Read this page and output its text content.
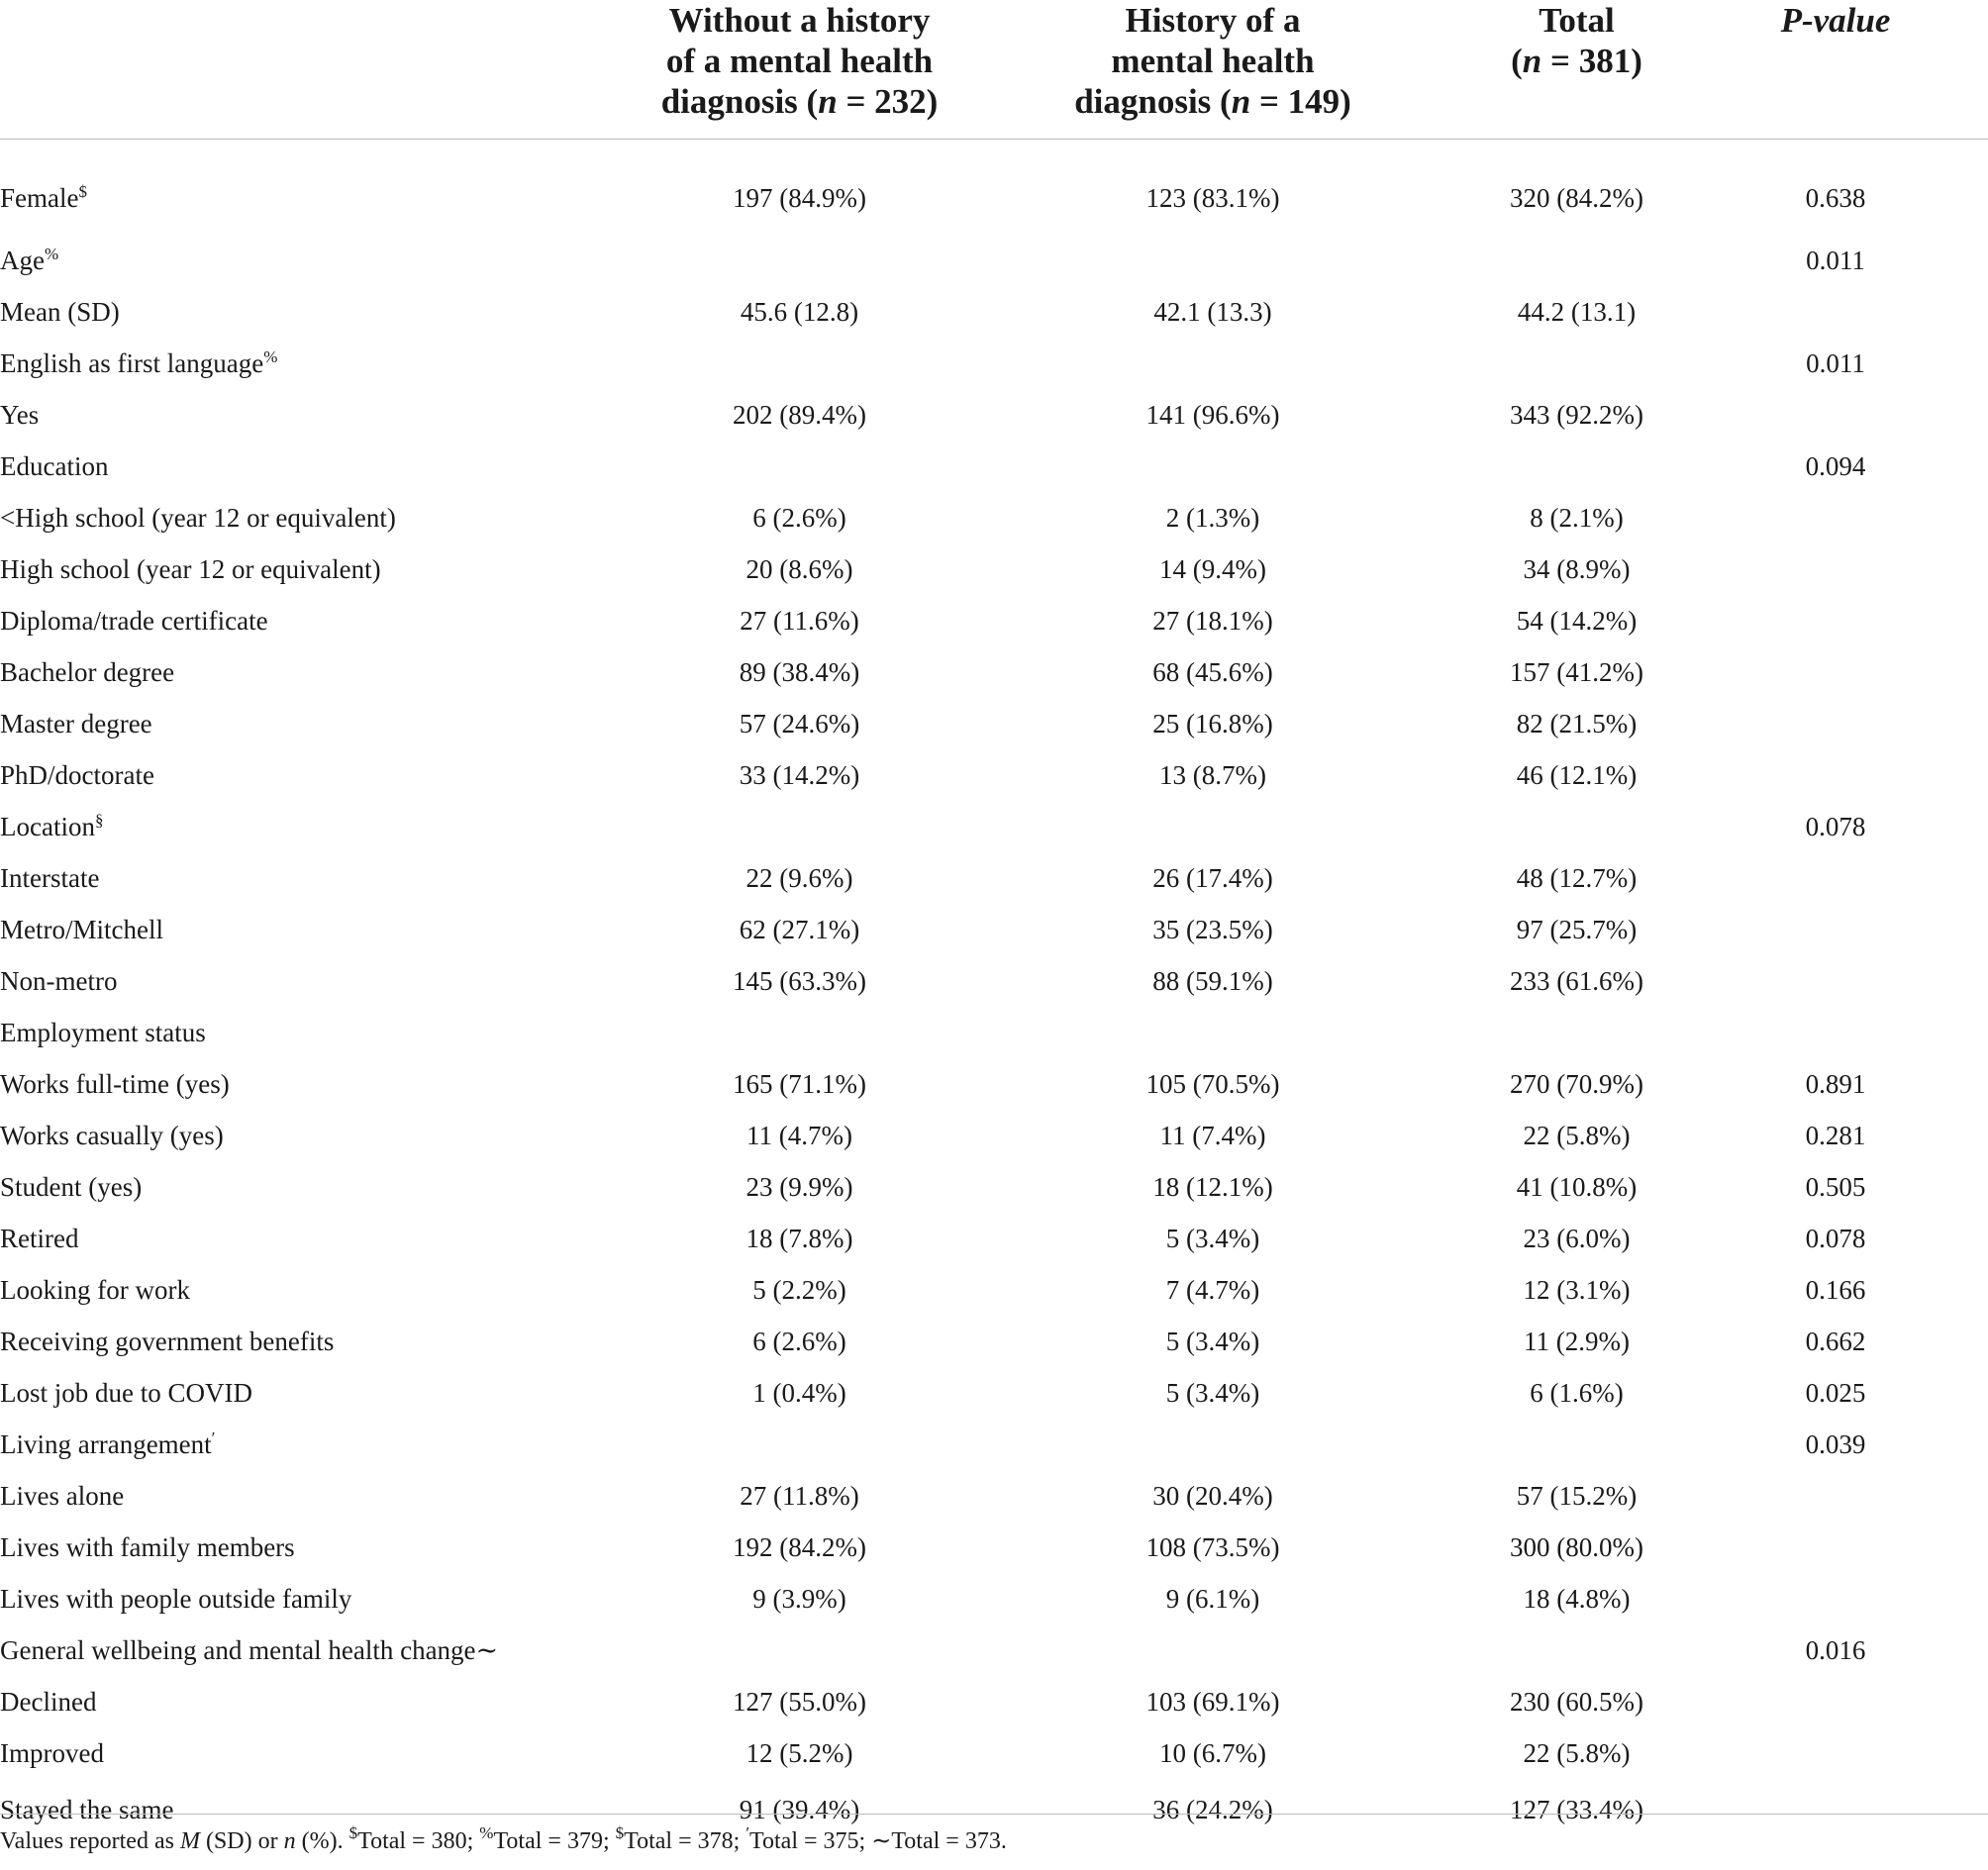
	Without a history
of a mental health
diagnosis (n = 232)	History of a
mental health
diagnosis (n = 149)	Total
(n = 381)	P-value
Female$	197 (84.9%)	123 (83.1%)	320 (84.2%)	0.638
Age%				0.011
Mean (SD)	45.6 (12.8)	42.1 (13.3)	44.2 (13.1)	
English as first language%				0.011
Yes	202 (89.4%)	141 (96.6%)	343 (92.2%)	
Education				0.094
<High school (year 12 or equivalent)	6 (2.6%)	2 (1.3%)	8 (2.1%)	
High school (year 12 or equivalent)	20 (8.6%)	14 (9.4%)	34 (8.9%)	
Diploma/trade certificate	27 (11.6%)	27 (18.1%)	54 (14.2%)	
Bachelor degree	89 (38.4%)	68 (45.6%)	157 (41.2%)	
Master degree	57 (24.6%)	25 (16.8%)	82 (21.5%)	
PhD/doctorate	33 (14.2%)	13 (8.7%)	46 (12.1%)	
Location§				0.078
Interstate	22 (9.6%)	26 (17.4%)	48 (12.7%)	
Metro/Mitchell	62 (27.1%)	35 (23.5%)	97 (25.7%)	
Non-metro	145 (63.3%)	88 (59.1%)	233 (61.6%)	
Employment status				
Works full-time (yes)	165 (71.1%)	105 (70.5%)	270 (70.9%)	0.891
Works casually (yes)	11 (4.7%)	11 (7.4%)	22 (5.8%)	0.281
Student (yes)	23 (9.9%)	18 (12.1%)	41 (10.8%)	0.505
Retired	18 (7.8%)	5 (3.4%)	23 (6.0%)	0.078
Looking for work	5 (2.2%)	7 (4.7%)	12 (3.1%)	0.166
Receiving government benefits	6 (2.6%)	5 (3.4%)	11 (2.9%)	0.662
Lost job due to COVID	1 (0.4%)	5 (3.4%)	6 (1.6%)	0.025
Living arrangement′				0.039
Lives alone	27 (11.8%)	30 (20.4%)	57 (15.2%)	
Lives with family members	192 (84.2%)	108 (73.5%)	300 (80.0%)	
Lives with people outside family	9 (3.9%)	9 (6.1%)	18 (4.8%)	
General wellbeing and mental health change∼				0.016
Declined	127 (55.0%)	103 (69.1%)	230 (60.5%)	
Improved	12 (5.2%)	10 (6.7%)	22 (5.8%)	
Stayed the same	91 (39.4%)	36 (24.2%)	127 (33.4%)	
Values reported as M (SD) or n (%). $Total = 380; %Total = 379; $Total = 378; ′Total = 375; ∼Total = 373.
